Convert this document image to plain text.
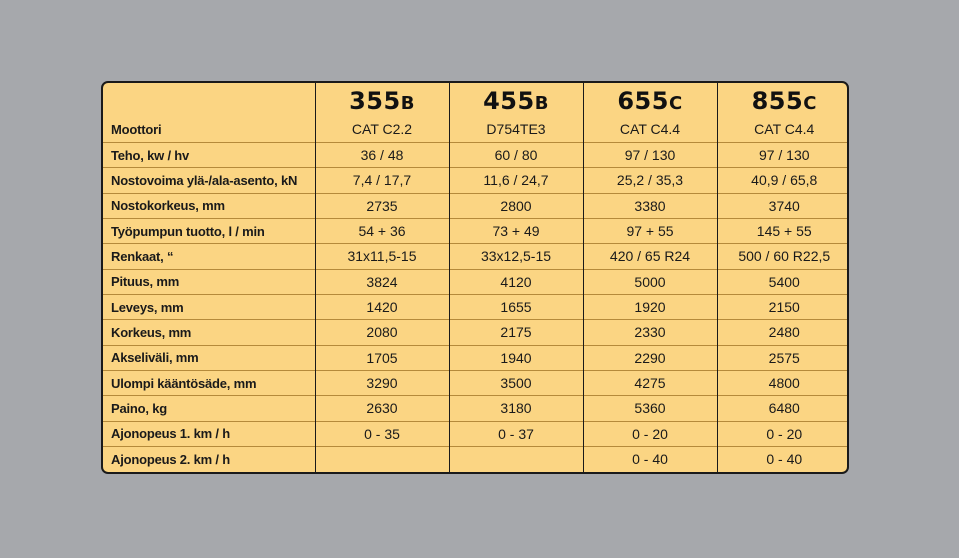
	355B	455B	655C	855C
Moottori	CAT C2.2	D754TE3	CAT C4.4	CAT C4.4
Teho, kw / hv	36 / 48	60 / 80	97 / 130	97 / 130
Nostovoima ylä-/ala-asento, kN	7,4 / 17,7	11,6 / 24,7	25,2 / 35,3	40,9 / 65,8
Nostokorkeus, mm	2735	2800	3380	3740
Työpumpun tuotto, l / min	54 + 36	73 + 49	97 + 55	145 + 55
Renkaat, “	31x11,5-15	33x12,5-15	420 / 65 R24	500 / 60 R22,5
Pituus, mm	3824	4120	5000	5400
Leveys, mm	1420	1655	1920	2150
Korkeus, mm	2080	2175	2330	2480
Akseliväli, mm	1705	1940	2290	2575
Ulompi kääntösäde, mm	3290	3500	4275	4800
Paino, kg	2630	3180	5360	6480
Ajonopeus 1. km / h	0 - 35	0 - 37	0 - 20	0 - 20
Ajonopeus 2. km / h			0 - 40	0 - 40
